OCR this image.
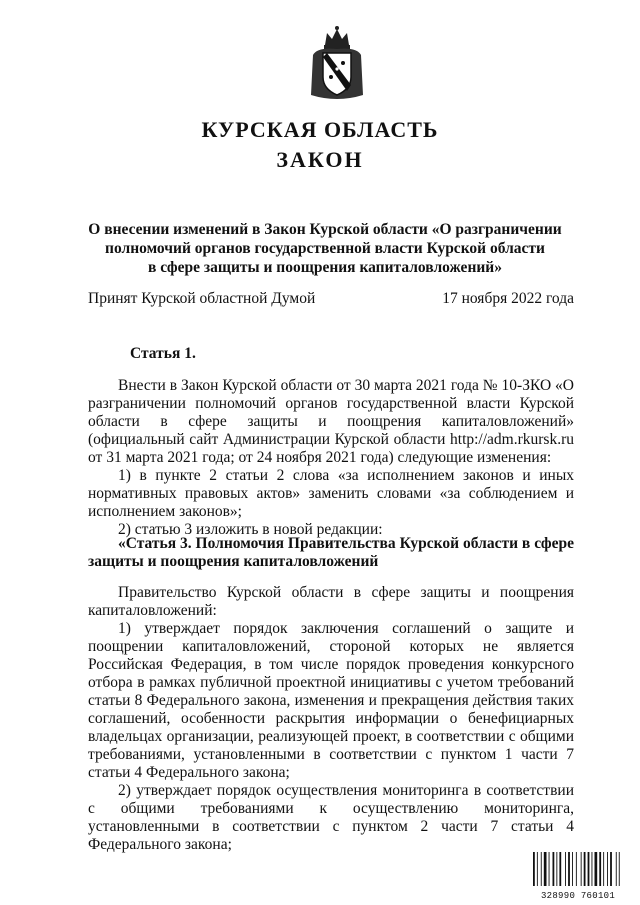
КУРСКАЯ ОБЛАСТЬ
ЗАКОН
О внесении изменений в Закон Курской области «О разграничении
полномочий органов государственной власти Курской области
в сфере защиты и поощрения капиталовложений»
Принят Курской областной Думой	17 ноября 2022 года
Статья 1.

Внести в Закон Курской области от 30 марта 2021 года № 10-ЗКО «О разграничении полномочий органов государственной власти Курской области в сфере защиты и поощрения капиталовложений» (официальный сайт Администрации Курской области http://adm.rkursk.ru от 31 марта 2021 года; от 24 ноября 2021 года) следующие изменения:

1) в пункте 2 статьи 2 слова «за исполнением законов и иных нормативных правовых актов» заменить словами «за соблюдением и исполнением законов»;

2) статью 3 изложить в новой редакции:

«Статья 3. Полномочия Правительства Курской области в сфере защиты и поощрения капиталовложений

Правительство Курской области в сфере защиты и поощрения капиталовложений:

1) утверждает порядок заключения соглашений о защите и поощрении капиталовложений, стороной которых не является Российская Федерация, в том числе порядок проведения конкурсного отбора в рамках публичной проектной инициативы с учетом требований статьи 8 Федерального закона, изменения и прекращения действия таких соглашений, особенности раскрытия информации о бенефициарных владельцах организации, реализующей проект, в соответствии с общими требованиями, установленными в соответствии с пунктом 1 части 7 статьи 4 Федерального закона;

2) утверждает порядок осуществления мониторинга в соответствии с общими требованиями к осуществлению мониторинга, установленными в соответствии с пунктом 2 части 7 статьи 4 Федерального закона;

328990 760101
